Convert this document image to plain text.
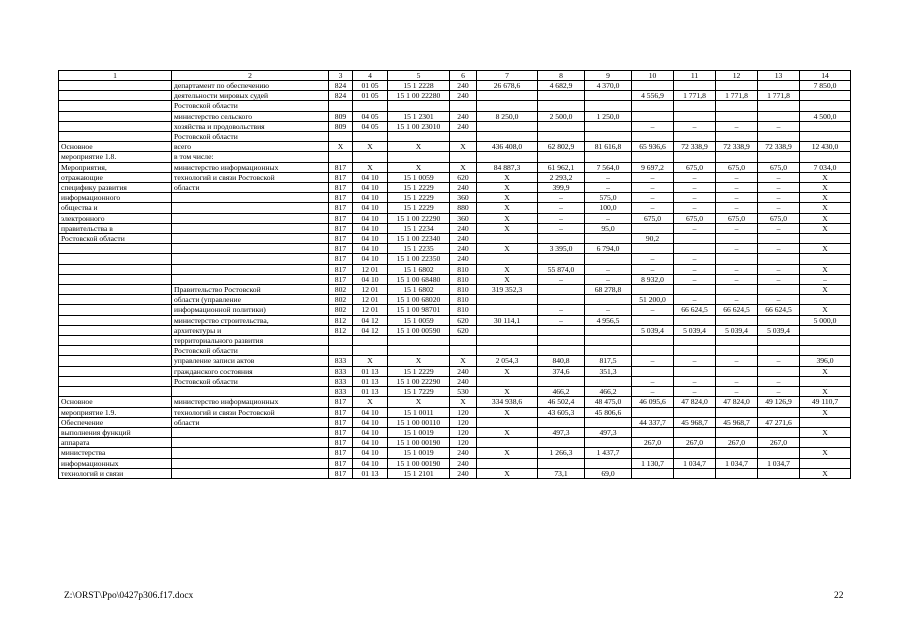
1	2	3	4	5	6	7	8	9	10	11	12	13	14
	департамент по обеспечению	824	01 05	15 1 2228	240	26 678,6	4 682,9	4 370,0					7 850,0
	деятельности мировых судей	824	01 05	15 1 00 22280	240				4 556,9	1 771,8	1 771,8	1 771,8	
	Ростовской области												
	министерство сельского	809	04 05	15 1 2301	240	8 250,0	2 500,0	1 250,0					4 500,0
	хозяйства и продовольствия	809	04 05	15 1 00 23010	240				–	–	–	–	
	Ростовской области												
Основное	всего	X	X	X	X	436 408,0	62 802,9	81 616,8	65 936,6	72 338,9	72 338,9	72 338,9	12 430,0
мероприятие 1.8.	в том числе:												
Мероприятия,	министерство информационных	817	X	X	X	84 887,3	61 962,1	7 564,0	9 697,2	675,0	675,0	675,0	7 034,0
отражающие	технологий и связи Ростовской	817	04 10	15 1 0059	620	X	2 293,2	–	–	–	–	–	X
специфику развития	области	817	04 10	15 1 2229	240	X	399,9	–	–	–	–	–	X
информационного		817	04 10	15 1 2229	360	X	–	575,0	–	–	–	–	X
общества и		817	04 10	15 1 2229	880	X	–	100,0	–	–	–	–	X
электронного		817	04 10	15 1 00 22290	360	X	–	–	675,0	675,0	675,0	675,0	X
правительства в		817	04 10	15 1 2234	240	X	–	95,0		–	–	–	X
Ростовской области		817	04 10	15 1 00 22340	240				90,2				
		817	04 10	15 1 2235	240	X	3 395,0	6 794,0			–	–	X
		817	04 10	15 1 00 22350	240				–	–			
		817	12 01	15 1 6802	810	X	55 874,0	–	–	–	–	–	X
		817	04 10	15 1 00 68480	810	X	–	–	8 932,0	–	–	–	–
	Правительство Ростовской	802	12 01	15 1 6802	810	319 352,3		68 278,8					X
	области (управление	802	12 01	15 1 00 68020	810				51 200,0	–	–	–	
	информационной политики)	802	12 01	15 1 00 98701	810		–	–	–	66 624,5	66 624,5	66 624,5	X
	министерство строительства,	812	04 12	15 1 0059	620	30 114,1	–	4 956,5					5 000,0
	архитектуры и	812	04 12	15 1 00 00590	620				5 039,4	5 039,4	5 039,4	5 039,4	
	территориального развития												
	Ростовской области												
	управление записи актов	833	X	X	X	2 054,3	840,8	817,5	–	–	–	–	396,0
	гражданского состояния	833	01 13	15 1 2229	240	X	374,6	351,3					X
	Ростовской области	833	01 13	15 1 00 22290	240				–	–	–	–	
		833	01 13	15 1 7229	530	X	466,2	466,2	–	–	–	–	X
Основное	министерство информационных	817	X	X	X	334 938,6	46 502,4	48 475,0	46 095,6	47 824,0	47 824,0	49 126,9	49 110,7
мероприятие 1.9.	технологий и связи Ростовской	817	04 10	15 1 0011	120	X	43 605,3	45 806,6					X
Обеспечение	области	817	04 10	15 1 00 00110	120				44 337,7	45 968,7	45 968,7	47 271,6	
выполнения функций		817	04 10	15 1 0019	120	X	497,3	497,3					X
аппарата		817	04 10	15 1 00 00190	120				267,0	267,0	267,0	267,0	
министерства		817	04 10	15 1 0019	240	X	1 266,3	1 437,7					X
информационных		817	04 10	15 1 00 00190	240				1 130,7	1 034,7	1 034,7	1 034,7	
технологий и связи		817	01 13	15 1 2101	240	X	73,1	69,0					X
Z:\ORST\Ppo\0427p306.f17.docx	22
